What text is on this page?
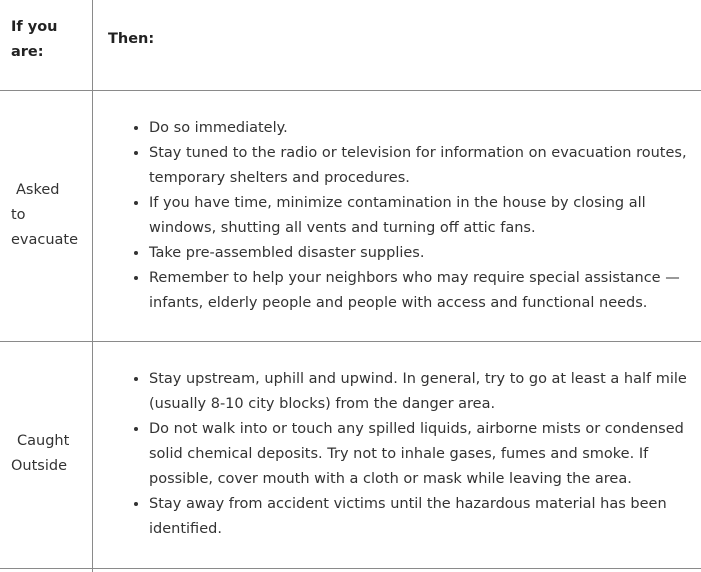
If you
are:
Then:
Asked
to
evacuate
• Do so immediately.
• Stay tuned to the radio or television for information on evacuation routes, temporary shelters and procedures.
• If you have time, minimize contamination in the house by closing all windows, shutting all vents and turning off attic fans.
• Take pre-assembled disaster supplies.
• Remember to help your neighbors who may require special assistance — infants, elderly people and people with access and functional needs.
Caught
Outside
• Stay upstream, uphill and upwind. In general, try to go at least a half mile (usually 8-10 city blocks) from the danger area.
• Do not walk into or touch any spilled liquids, airborne mists or condensed solid chemical deposits. Try not to inhale gases, fumes and smoke. If possible, cover mouth with a cloth or mask while leaving the area.
• Stay away from accident victims until the hazardous material has been identified.
